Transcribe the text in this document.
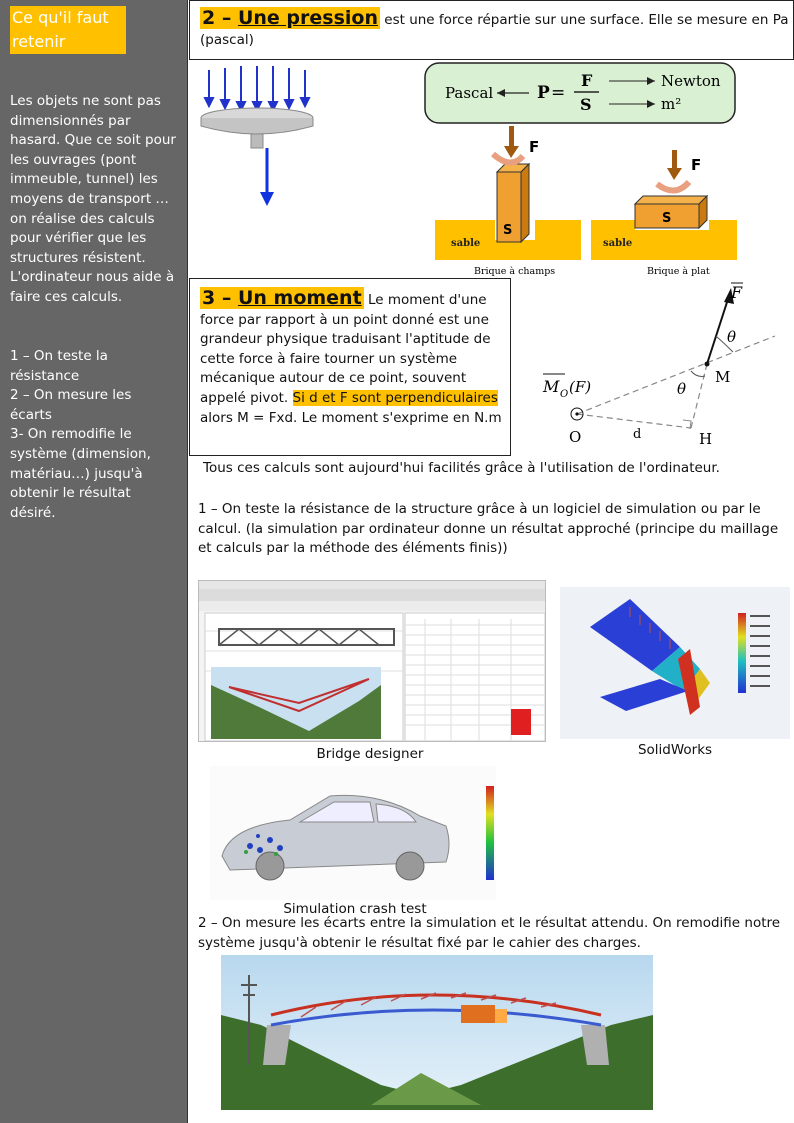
Ce qu'il faut
retenir
Les objets ne sont pas dimensionnés par hasard. Que ce soit pour les ouvrages (pont immeuble, tunnel) les moyens de transport … on réalise des calculs pour vérifier que les structures résistent. L'ordinateur nous aide à faire ces calculs.
1 – On teste la résistance
2 – On mesure les écarts
3- On remodifie le système (dimension, matériau…) jusqu'à obtenir le résultat désiré.
2 – Une pression est une force répartie sur une surface. Elle se mesure en Pa (pascal)
Pascal	P =
F
S
Newton
m²
sable
S
F
Brique à champs
sable
S
F
Brique à plat
3 – Un moment Le moment d'une force par rapport à un point donné est une grandeur physique traduisant l'aptitude de cette force à faire tourner un système mécanique autour de ce point, souvent appelé pivot. Si d et F sont perpendiculaires alors M = Fxd. Le moment s'exprime en N.m
F
θ
θ
M
M O (F)
O	d	H
Tous ces calculs sont aujourd'hui facilités grâce à l'utilisation de l'ordinateur.
1 – On teste la résistance de la structure grâce à un logiciel de simulation ou par le calcul. (la simulation par ordinateur donne un résultat approché (principe du maillage et calculs par la méthode des éléments finis))
Bridge designer	SolidWorks
Simulation crash test
2 – On mesure les écarts entre la simulation et le résultat attendu. On remodifie notre système jusqu'à obtenir le résultat fixé par le cahier des charges.
